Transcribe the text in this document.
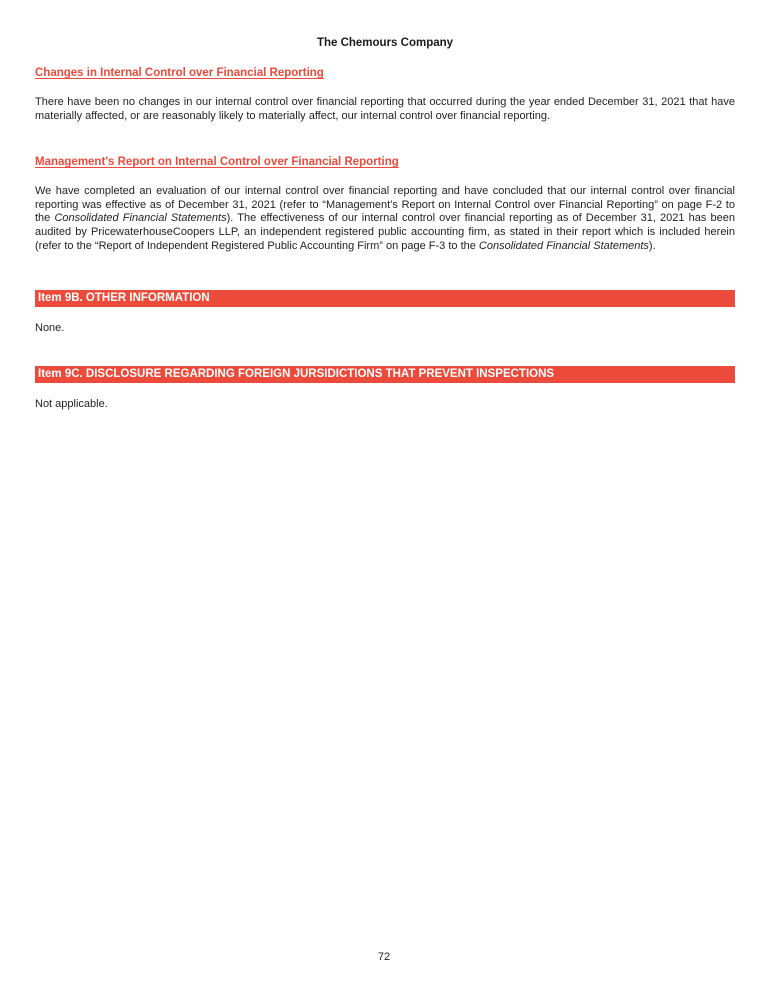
The Chemours Company
Changes in Internal Control over Financial Reporting

There have been no changes in our internal control over financial reporting that occurred during the year ended December 31, 2021 that have materially affected, or are reasonably likely to materially affect, our internal control over financial reporting.

Management's Report on Internal Control over Financial Reporting

We have completed an evaluation of our internal control over financial reporting and have concluded that our internal control over financial reporting was effective as of December 31, 2021 (refer to “Management’s Report on Internal Control over Financial Reporting” on page F-2 to the Consolidated Financial Statements). The effectiveness of our internal control over financial reporting as of December 31, 2021 has been audited by PricewaterhouseCoopers LLP, an independent registered public accounting firm, as stated in their report which is included herein (refer to the “Report of Independent Registered Public Accounting Firm” on page F-3 to the Consolidated Financial Statements).

Item 9B. OTHER INFORMATION

None.

Item 9C. DISCLOSURE REGARDING FOREIGN JURSIDICTIONS THAT PREVENT INSPECTIONS

Not applicable.

72
